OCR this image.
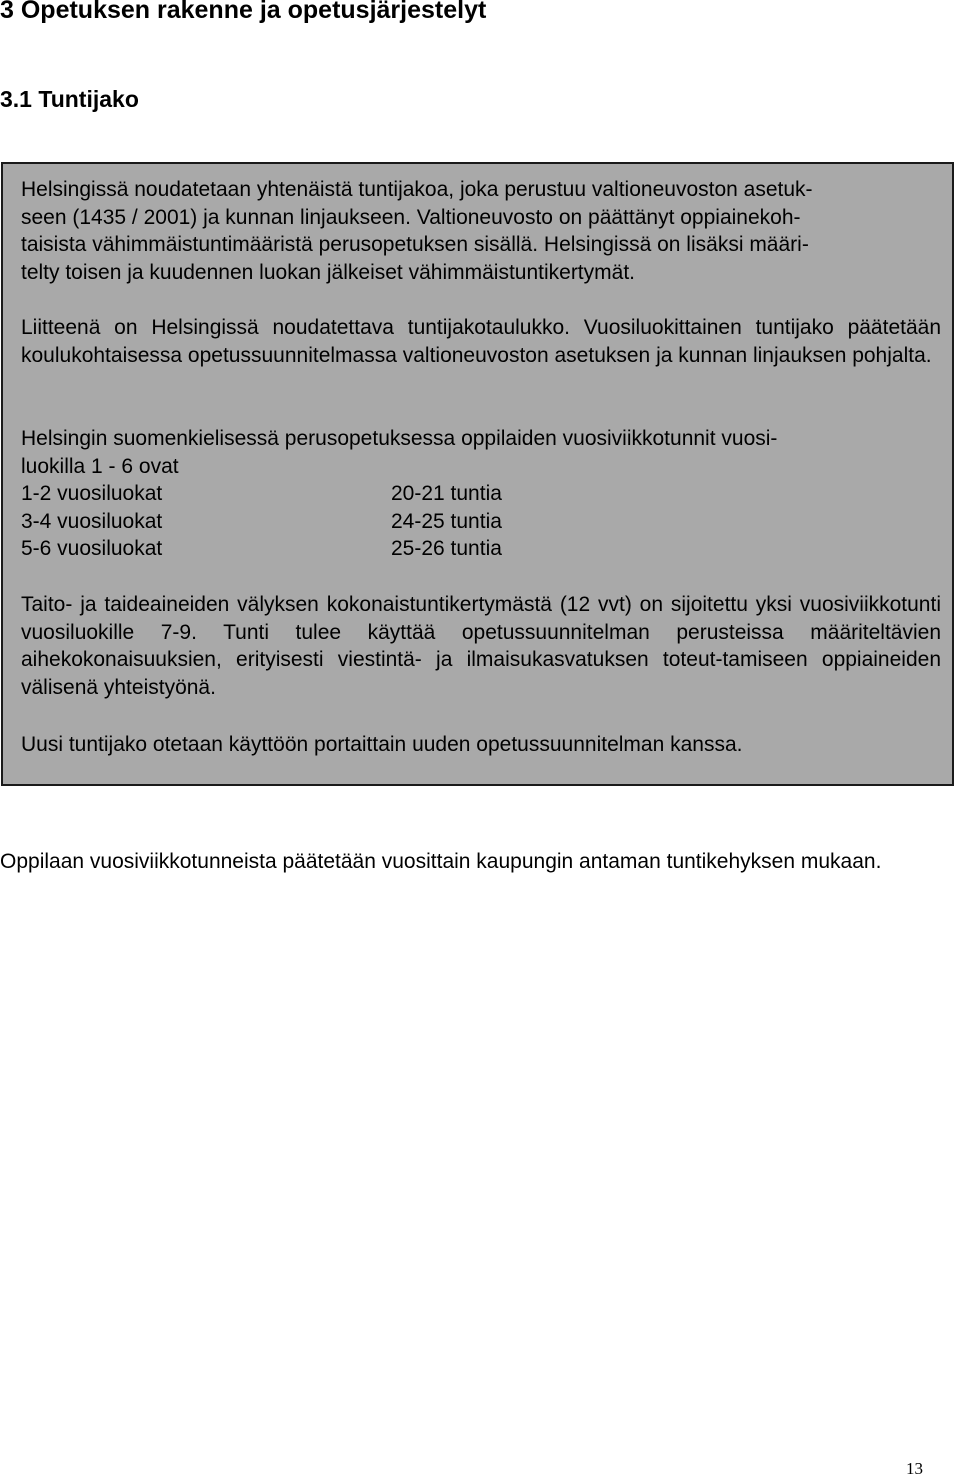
3 Opetuksen rakenne ja opetusjärjestelyt
3.1 Tuntijako
Helsingissä noudatetaan yhtenäistä tuntijakoa, joka perustuu valtioneuvoston asetuk-
seen (1435 / 2001) ja kunnan linjaukseen. Valtioneuvosto on päättänyt oppiainekoh-
taisista vähimmäistuntimääristä perusopetuksen sisällä. Helsingissä on lisäksi määri-
telty toisen ja kuudennen luokan jälkeiset vähimmäistuntikertymät.
Liitteenä on Helsingissä noudatettava tuntijakotaulukko. Vuosiluokittainen tuntijako päätetään koulukohtaisessa opetussuunnitelmassa valtioneuvoston asetuksen ja kunnan linjauksen pohjalta.
Helsingin suomenkielisessä perusopetuksessa oppilaiden vuosiviikkotunnit vuosi-
luokilla 1 - 6 ovat
1-2 vuosiluokat	20-21 tuntia
3-4 vuosiluokat	24-25 tuntia
5-6 vuosiluokat	25-26 tuntia
Taito- ja taideaineiden välyksen kokonaistuntikertymästä (12 vvt) on sijoitettu yksi vuosiviikkotunti vuosiluokille 7-9. Tunti tulee käyttää opetussuunnitelman perusteissa määriteltävien aihekokonaisuuksien, erityisesti viestintä- ja ilmaisukasvatuksen toteut-tamiseen oppiaineiden välisenä yhteistyönä.
Uusi tuntijako otetaan käyttöön portaittain uuden opetussuunnitelman kanssa.
Oppilaan vuosiviikkotunneista päätetään vuosittain kaupungin antaman tuntikehyksen mukaan.
13
